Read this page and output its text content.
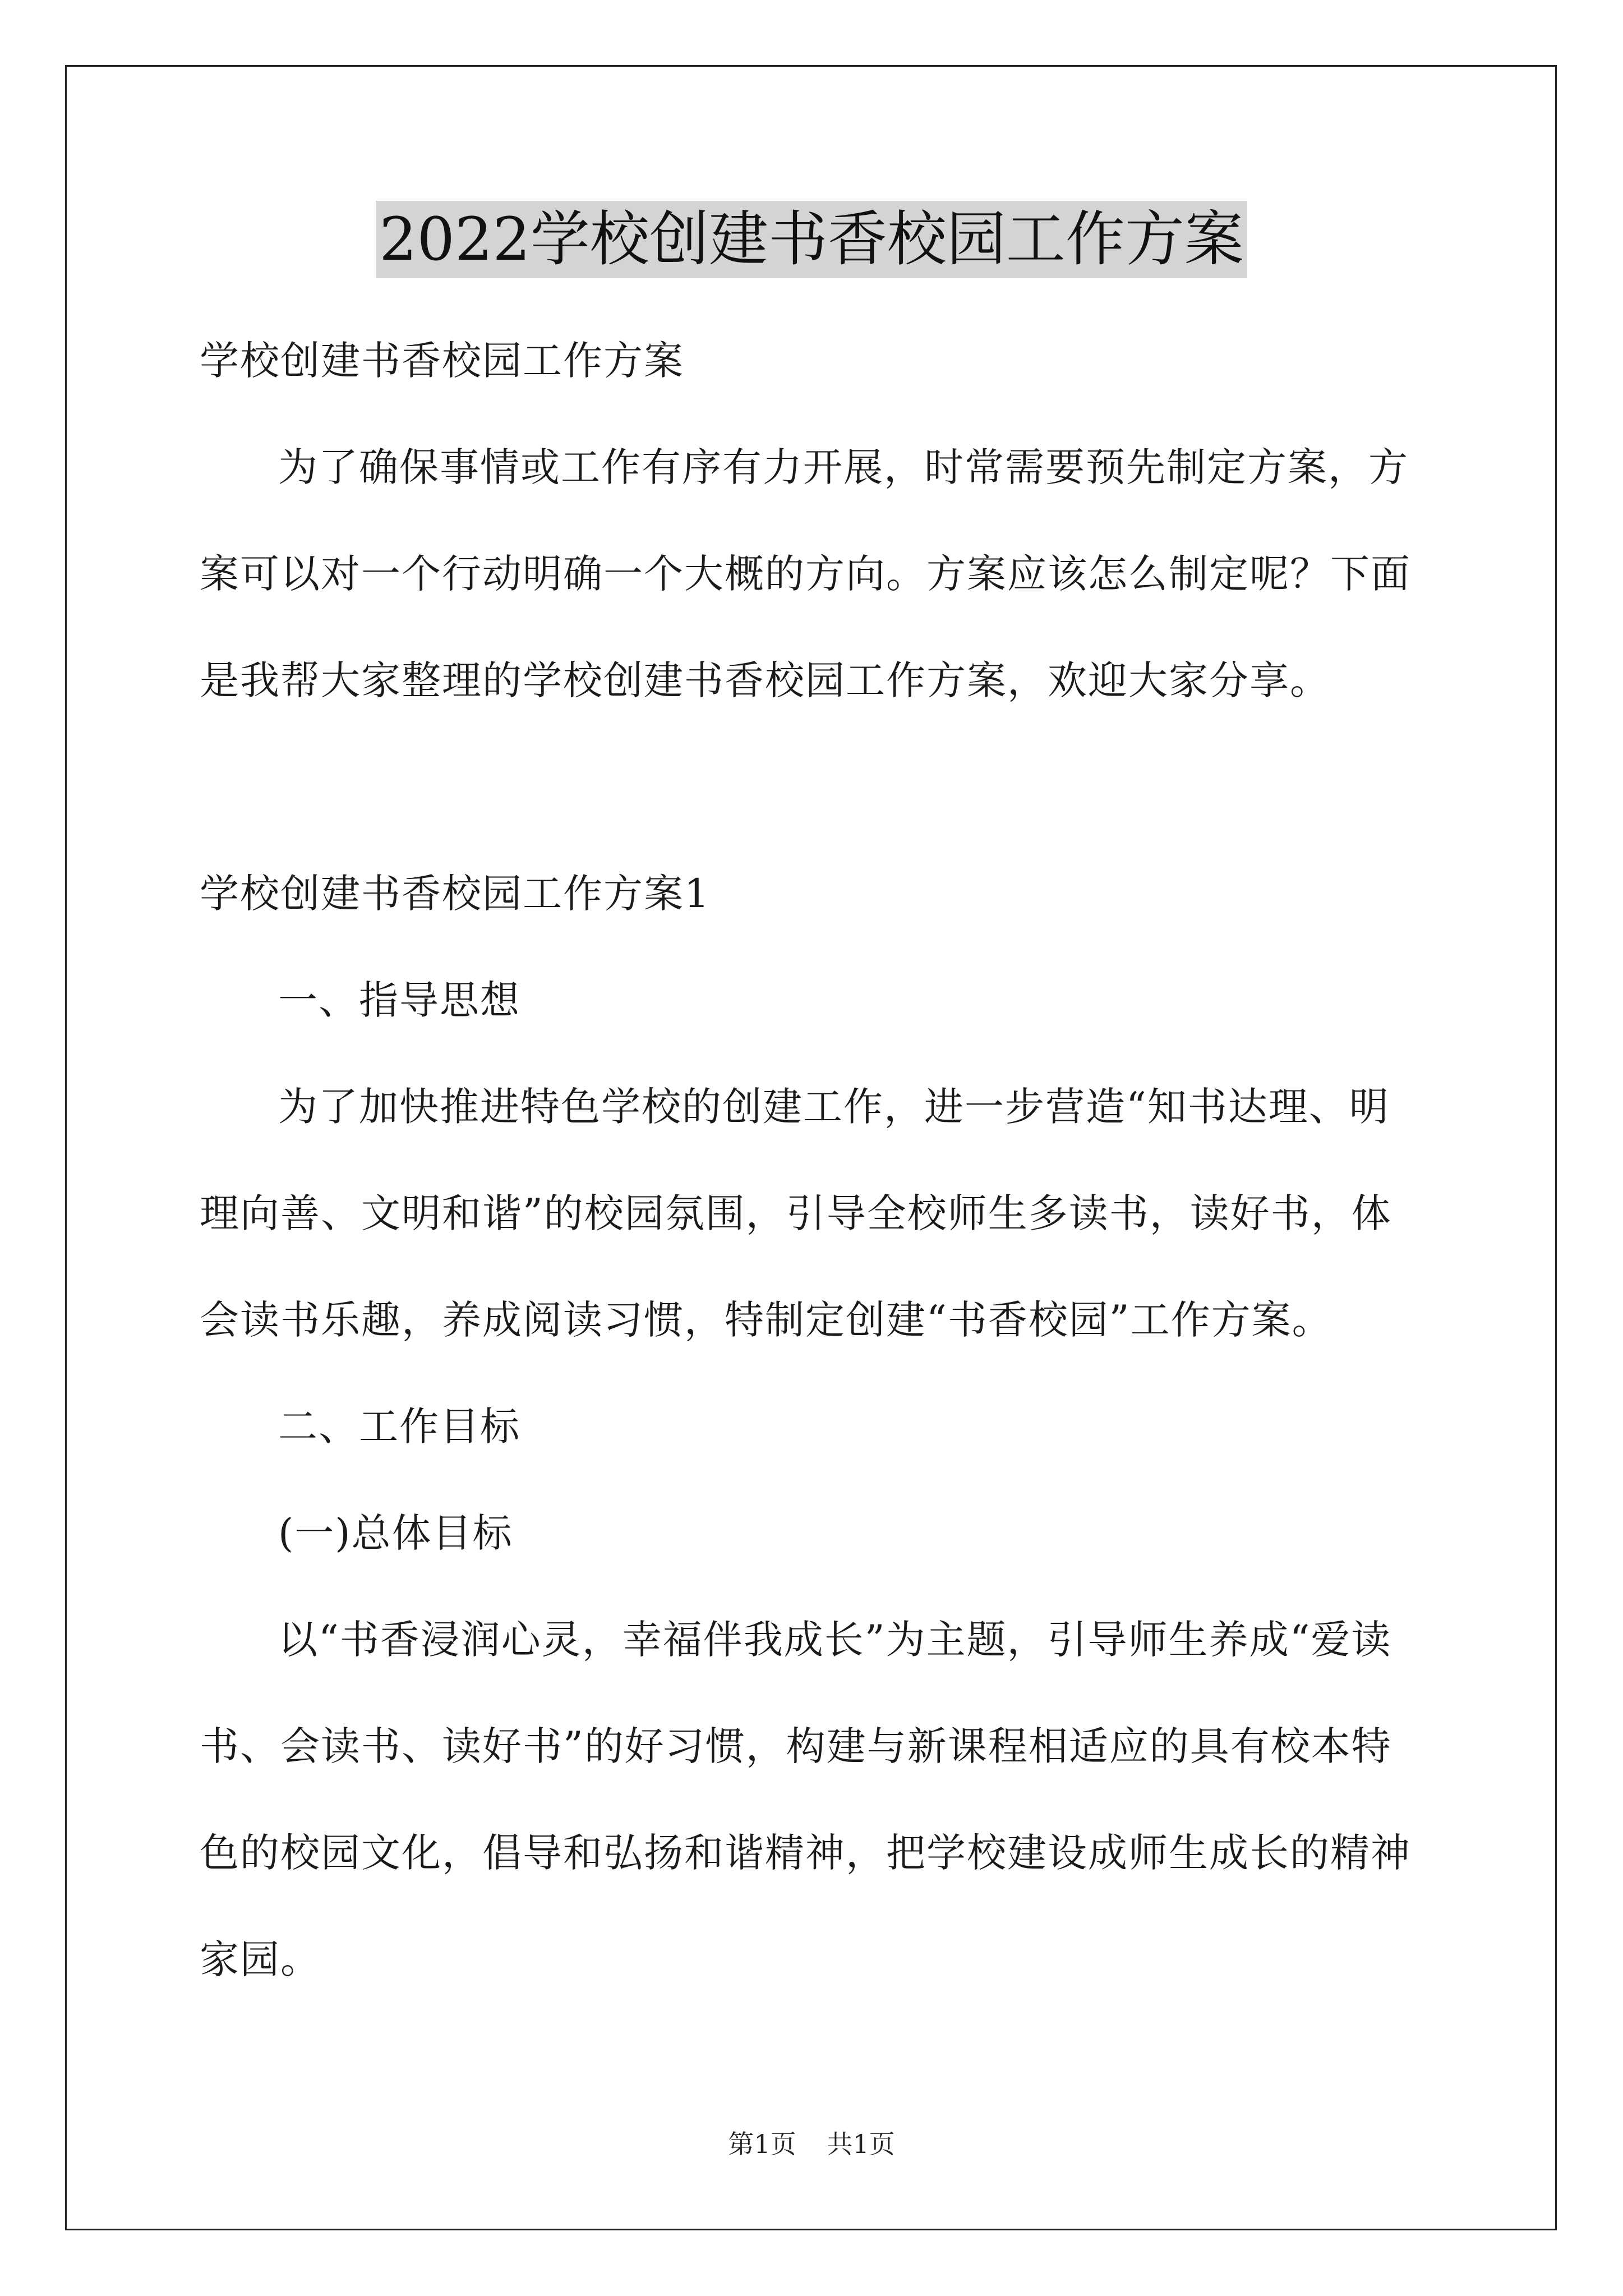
2022学校创建书香校园工作方案

学校创建书香校园工作方案

为了确保事情或工作有序有力开展，时常需要预先制定方案，方案可以对一个行动明确一个大概的方向。方案应该怎么制定呢？下面是我帮大家整理的学校创建书香校园工作方案，欢迎大家分享。

学校创建书香校园工作方案1

一、指导思想

为了加快推进特色学校的创建工作，进一步营造“知书达理、明理向善、文明和谐”的校园氛围，引导全校师生多读书，读好书，体会读书乐趣，养成阅读习惯，特制定创建“书香校园”工作方案。

二、工作目标

(一)总体目标

以“书香浸润心灵，幸福伴我成长”为主题，引导师生养成“爱读书、会读书、读好书”的好习惯，构建与新课程相适应的具有校本特色的校园文化，倡导和弘扬和谐精神，把学校建设成师生成长的精神家园。

第1页 共1页
